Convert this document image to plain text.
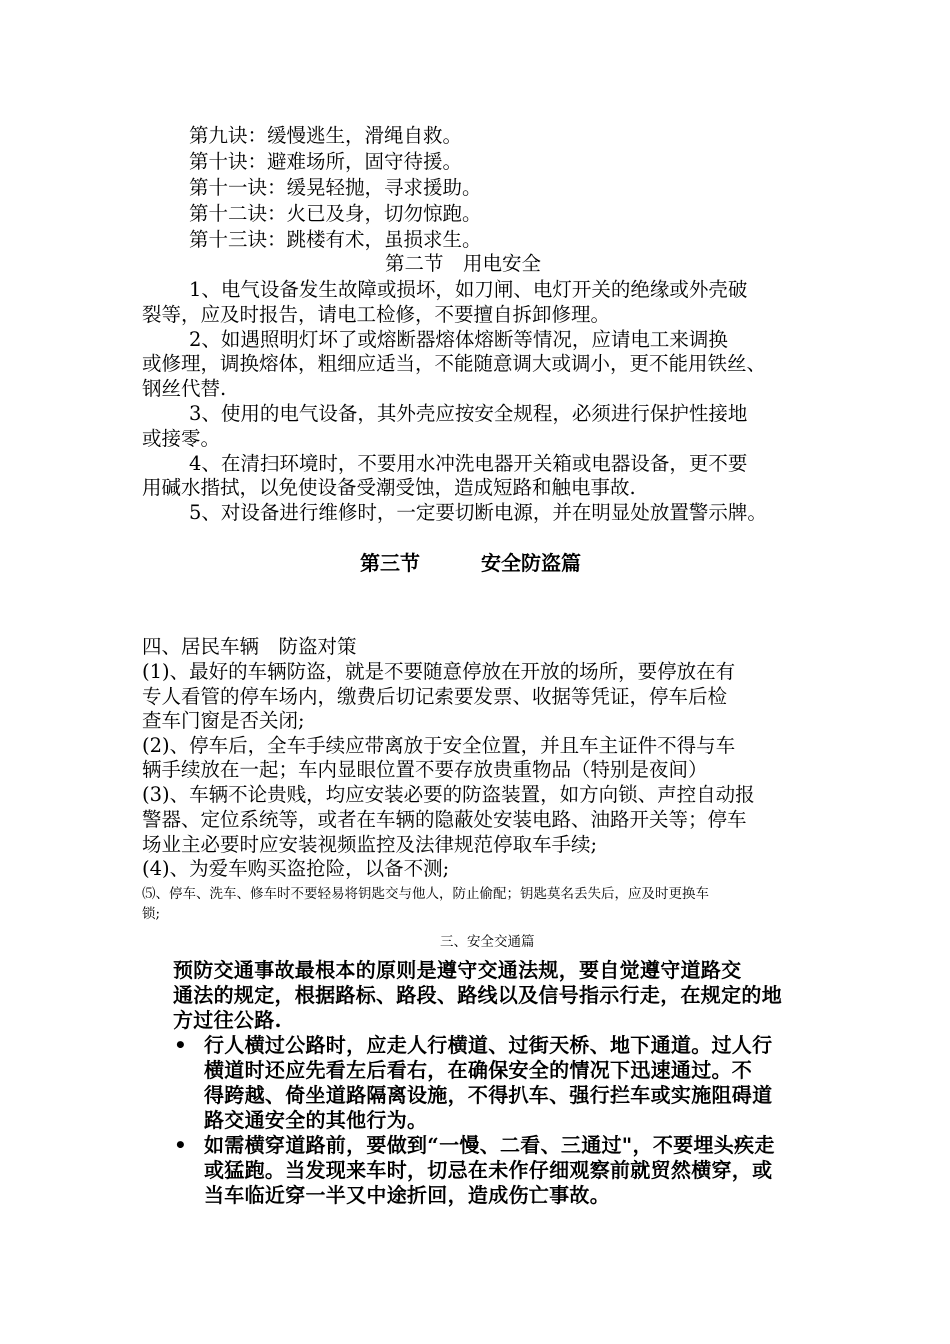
第九诀：缓慢逃生，滑绳自救。
第十诀：避难场所，固守待援。
第十一诀：缓晃轻抛，寻求援助。
第十二诀：火已及身，切勿惊跑。
第十三诀：跳楼有术，虽损求生。
第二节　用电安全
1、电气设备发生故障或损坏，如刀闸、电灯开关的绝缘或外壳破
裂等，应及时报告，请电工检修，不要擅自拆卸修理。
2、如遇照明灯坏了或熔断器熔体熔断等情况，应请电工来调换
或修理，调换熔体，粗细应适当，不能随意调大或调小，更不能用铁丝、
钢丝代替.
3、使用的电气设备，其外壳应按安全规程，必须进行保护性接地
或接零。
4、在清扫环境时，不要用水冲洗电器开关箱或电器设备，更不要
用碱水揩拭，以免使设备受潮受蚀，造成短路和触电事故.
5、对设备进行维修时，一定要切断电源，并在明显处放置警示牌。
第三节	安全防盗篇
四、居民车辆　防盗对策
(1)、最好的车辆防盗，就是不要随意停放在开放的场所，要停放在有
专人看管的停车场内，缴费后切记索要发票、收据等凭证，停车后检
查车门窗是否关闭;
(2)、停车后，全车手续应带离放于安全位置，并且车主证件不得与车
辆手续放在一起；车内显眼位置不要存放贵重物品（特别是夜间）
(3)、车辆不论贵贱，均应安装必要的防盗装置，如方向锁、声控自动报
警器、定位系统等，或者在车辆的隐蔽处安装电路、油路开关等；停车
场业主必要时应安装视频监控及法律规范停取车手续;
(4)、为爱车购买盗抢险，以备不测;
⑸、停车、洗车、修车时不要轻易将钥匙交与他人，防止偷配；钥匙莫名丢失后，应及时更换车
锁;
三、安全交通篇
预防交通事故最根本的原则是遵守交通法规，要自觉遵守道路交
通法的规定，根据路标、路段、路线以及信号指示行走，在规定的地
方过往公路.
• 行人横过公路时，应走人行横道、过街天桥、地下通道。过人行
横道时还应先看左后看右，在确保安全的情况下迅速通过。不
得跨越、倚坐道路隔离设施，不得扒车、强行拦车或实施阻碍道
路交通安全的其他行为。
• 如需横穿道路前，要做到“一慢、二看、三通过"，不要埋头疾走
或猛跑。当发现来车时，切忌在未作仔细观察前就贸然横穿，或
当车临近穿一半又中途折回，造成伤亡事故。
